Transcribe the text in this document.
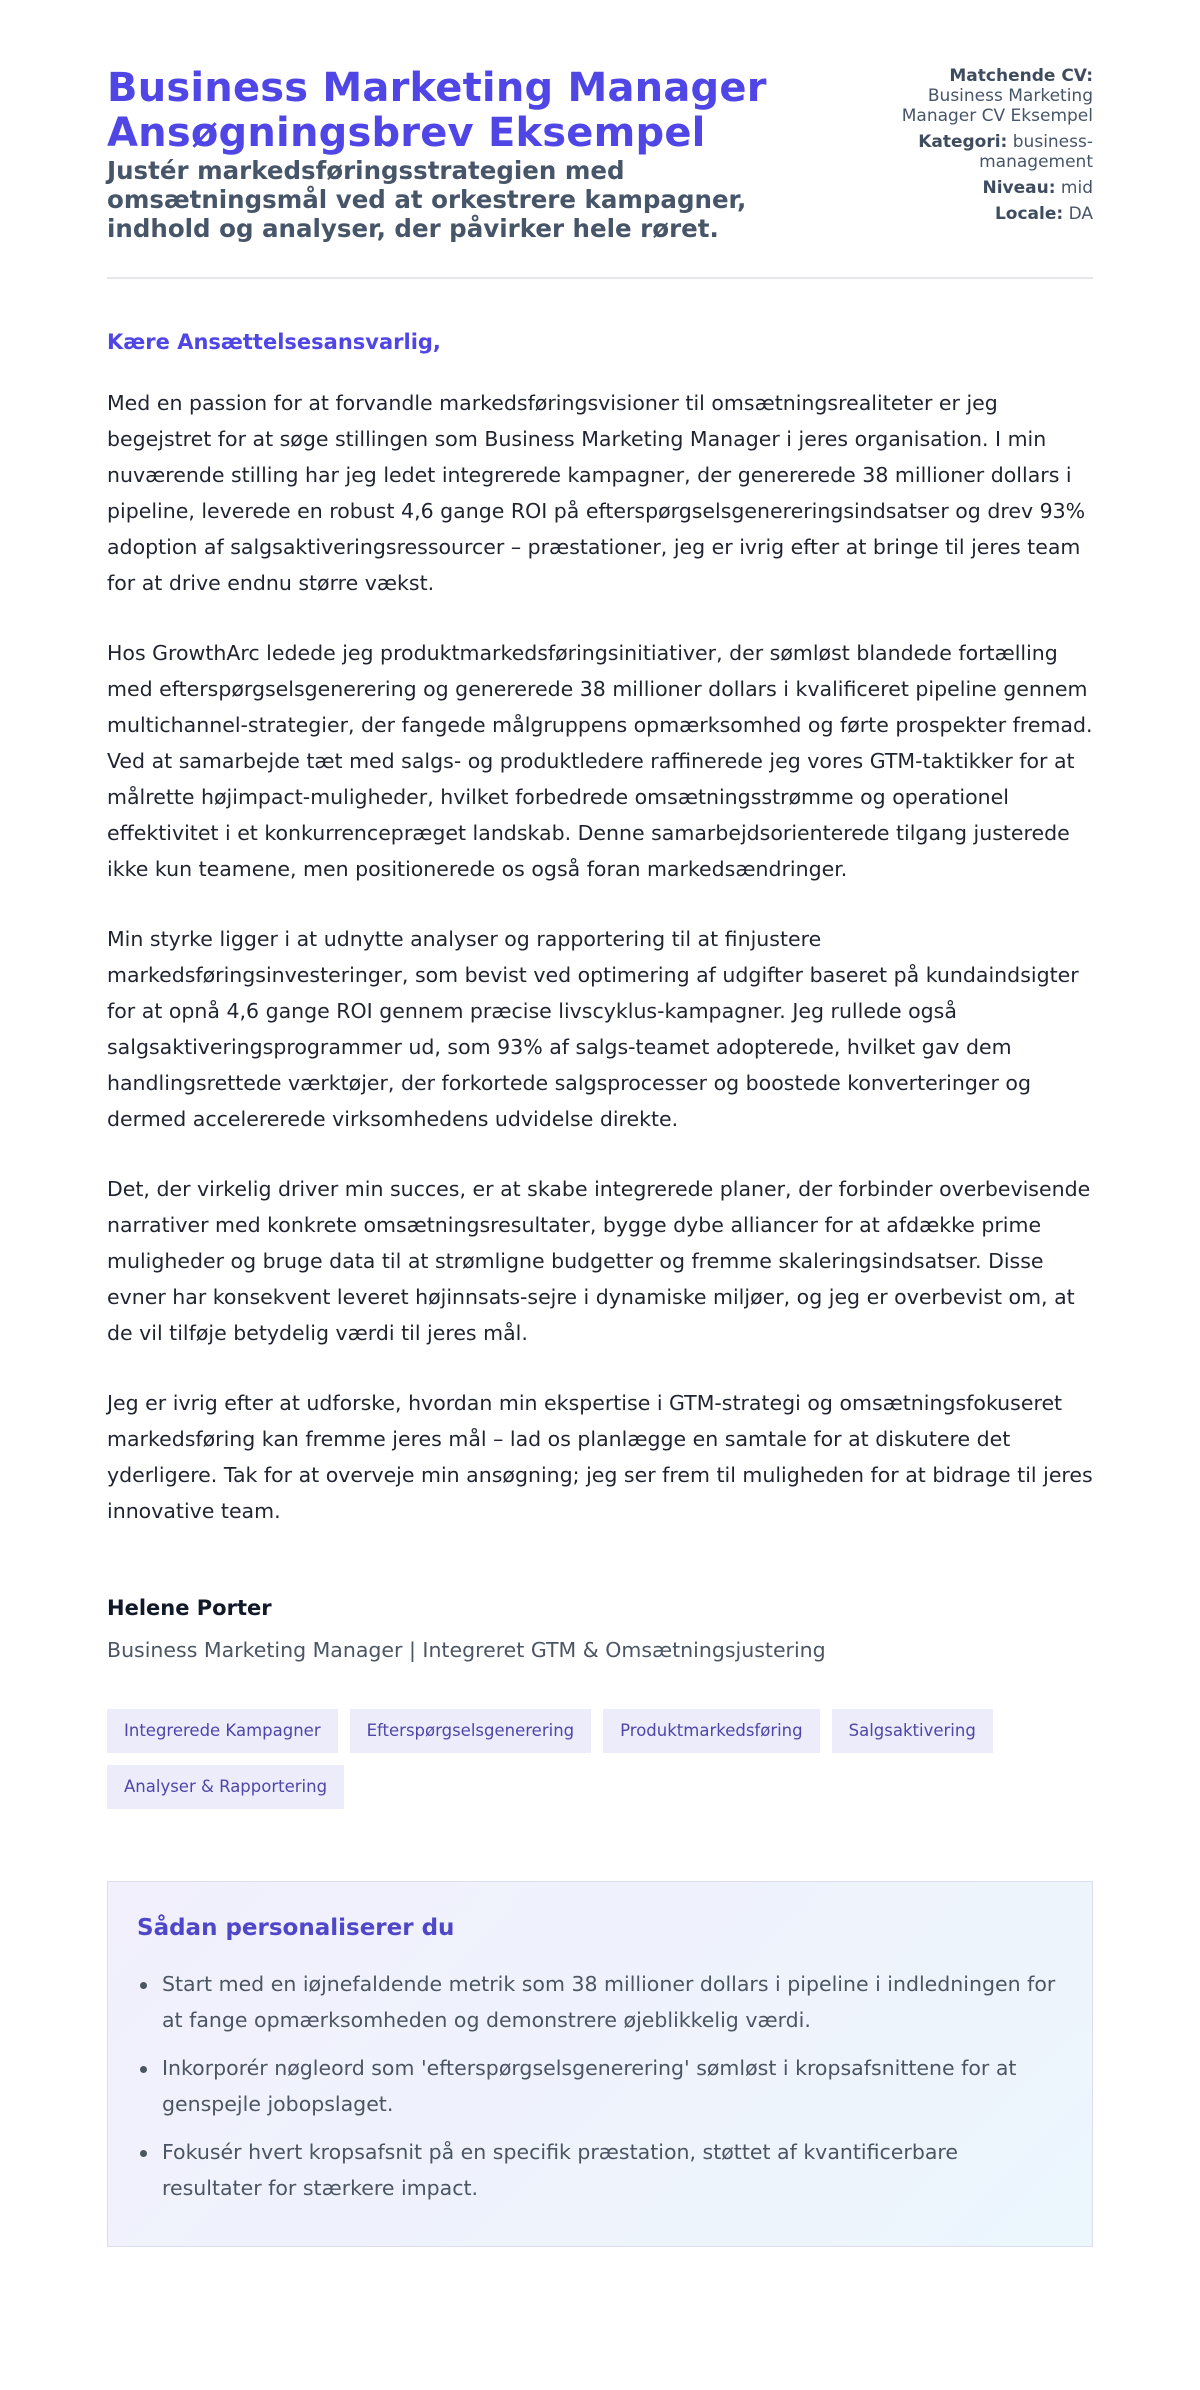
Business Marketing Manager Ansøgningsbrev Eksempel
Justér markedsføringsstrategien med omsætningsmål ved at orkestrere kampagner, indhold og analyser, der påvirker hele røret.
Matchende CV: Business Marketing Manager CV Eksempel
Kategori: business-management
Niveau: mid
Locale: DA

Kære Ansættelsesansvarlig,

Med en passion for at forvandle markedsføringsvisioner til omsætningsrealiteter er jeg begejstret for at søge stillingen som Business Marketing Manager i jeres organisation. I min nuværende stilling har jeg ledet integrerede kampagner, der genererede 38 millioner dollars i pipeline, leverede en robust 4,6 gange ROI på efterspørgselsgenereringsindsatser og drev 93% adoption af salgsaktiveringsressourcer – præstationer, jeg er ivrig efter at bringe til jeres team for at drive endnu større vækst.

Hos GrowthArc ledede jeg produktmarkedsføringsinitiativer, der sømløst blandede fortælling med efterspørgselsgenerering og genererede 38 millioner dollars i kvalificeret pipeline gennem multichannel-strategier, der fangede målgruppens opmærksomhed og førte prospekter fremad. Ved at samarbejde tæt med salgs- og produktledere raffinerede jeg vores GTM-taktikker for at målrette højimpact-muligheder, hvilket forbedrede omsætningsstrømme og operationel effektivitet i et konkurrencepræget landskab. Denne samarbejdsorienterede tilgang justerede ikke kun teamene, men positionerede os også foran markedsændringer.

Min styrke ligger i at udnytte analyser og rapportering til at finjustere markedsføringsinvesteringer, som bevist ved optimering af udgifter baseret på kundaindsigter for at opnå 4,6 gange ROI gennem præcise livscyklus-kampagner. Jeg rullede også salgsaktiveringsprogrammer ud, som 93% af salgs-teamet adopterede, hvilket gav dem handlingsrettede værktøjer, der forkortede salgsprocesser og boostede konverteringer og dermed accelererede virksomhedens udvidelse direkte.

Det, der virkelig driver min succes, er at skabe integrerede planer, der forbinder overbevisende narrativer med konkrete omsætningsresultater, bygge dybe alliancer for at afdække prime muligheder og bruge data til at strømligne budgetter og fremme skaleringsindsatser. Disse evner har konsekvent leveret højinnsats-sejre i dynamiske miljøer, og jeg er overbevist om, at de vil tilføje betydelig værdi til jeres mål.

Jeg er ivrig efter at udforske, hvordan min ekspertise i GTM-strategi og omsætningsfokuseret markedsføring kan fremme jeres mål – lad os planlægge en samtale for at diskutere det yderligere. Tak for at overveje min ansøgning; jeg ser frem til muligheden for at bidrage til jeres innovative team.

Helene Porter
Business Marketing Manager | Integreret GTM & Omsætningsjustering
Integrerede Kampagner	Efterspørgselsgenerering	Produktmarkedsføring	Salgsaktivering
Analyser & Rapportering
Sådan personaliserer du
Start med en iøjnefaldende metrik som 38 millioner dollars i pipeline i indledningen for at fange opmærksomheden og demonstrere øjeblikkelig værdi.
Inkorporér nøgleord som 'efterspørgselsgenerering' sømløst i kropsafsnittene for at genspejle jobopslaget.
Fokusér hvert kropsafsnit på en specifik præstation, støttet af kvantificerbare resultater for stærkere impact.
